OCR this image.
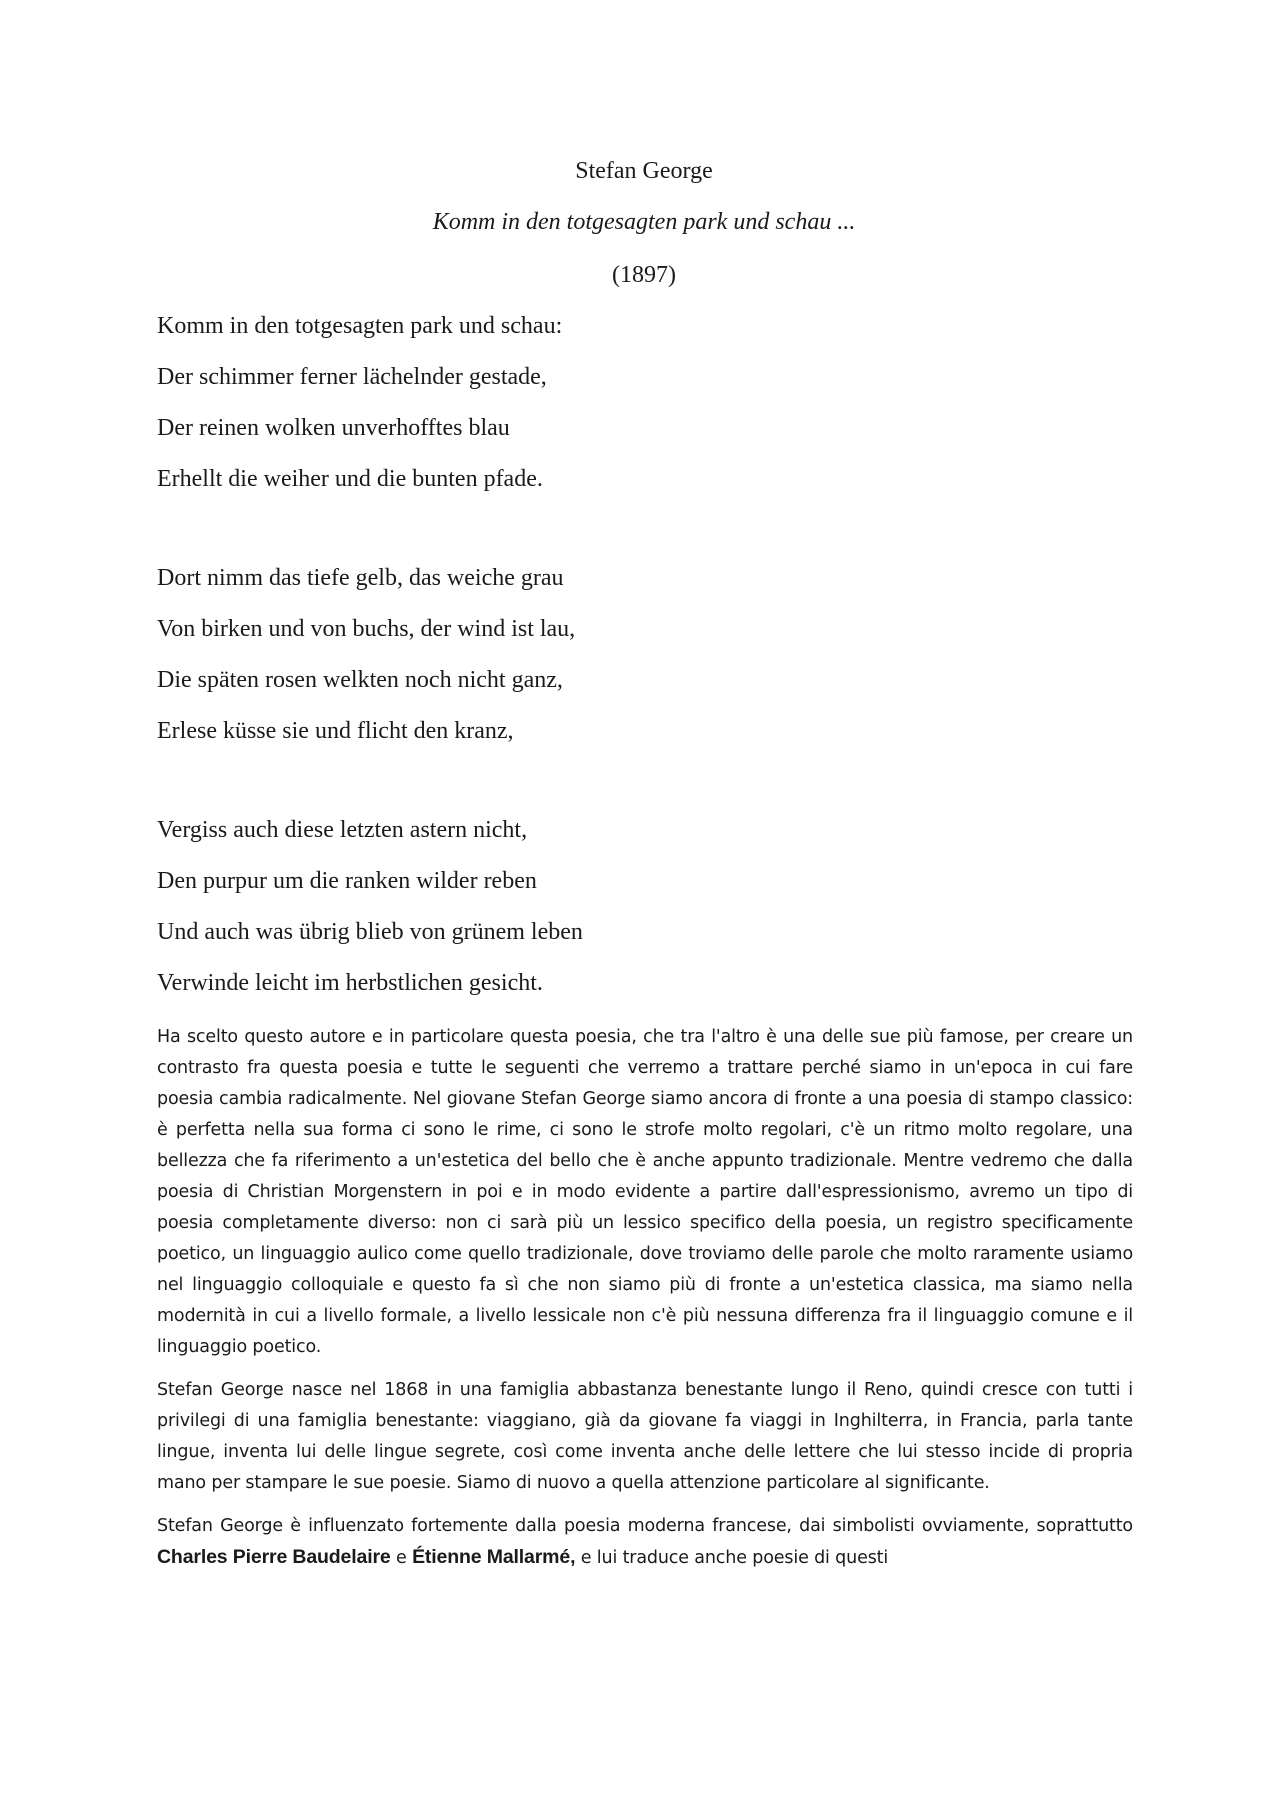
Stefan George
Komm in den totgesagten park und schau ...
(1897)
Komm in den totgesagten park und schau:
Der schimmer ferner lächelnder gestade,
Der reinen wolken unverhofftes blau
Erhellt die weiher und die bunten pfade.
Dort nimm das tiefe gelb, das weiche grau
Von birken und von buchs, der wind ist lau,
Die späten rosen welkten noch nicht ganz,
Erlese küsse sie und flicht den kranz,
Vergiss auch diese letzten astern nicht,
Den purpur um die ranken wilder reben
Und auch was übrig blieb von grünem leben
Verwinde leicht im herbstlichen gesicht.

Ha scelto questo autore e in particolare questa poesia, che tra l'altro è una delle sue più famose, per creare un contrasto fra questa poesia e tutte le seguenti che verremo a trattare perché siamo in un'epoca in cui fare poesia cambia radicalmente. Nel giovane Stefan George siamo ancora di fronte a una poesia di stampo classico: è perfetta nella sua forma ci sono le rime, ci sono le strofe molto regolari, c'è un ritmo molto regolare, una bellezza che fa riferimento a un'estetica del bello che è anche appunto tradizionale. Mentre vedremo che dalla poesia di Christian Morgenstern in poi e in modo evidente a partire dall'espressionismo, avremo un tipo di poesia completamente diverso: non ci sarà più un lessico specifico della poesia, un registro specificamente poetico, un linguaggio aulico come quello tradizionale, dove troviamo delle parole che molto raramente usiamo nel linguaggio colloquiale e questo fa sì che non siamo più di fronte a un'estetica classica, ma siamo nella modernità in cui a livello formale, a livello lessicale non c'è più nessuna differenza fra il linguaggio comune e il linguaggio poetico.

Stefan George nasce nel 1868 in una famiglia abbastanza benestante lungo il Reno, quindi cresce con tutti i privilegi di una famiglia benestante: viaggiano, già da giovane fa viaggi in Inghilterra, in Francia, parla tante lingue, inventa lui delle lingue segrete, così come inventa anche delle lettere che lui stesso incide di propria mano per stampare le sue poesie. Siamo di nuovo a quella attenzione particolare al significante.

Stefan George è influenzato fortemente dalla poesia moderna francese, dai simbolisti ovviamente, soprattutto Charles Pierre Baudelaire e Étienne Mallarmé, e lui traduce anche poesie di questi
